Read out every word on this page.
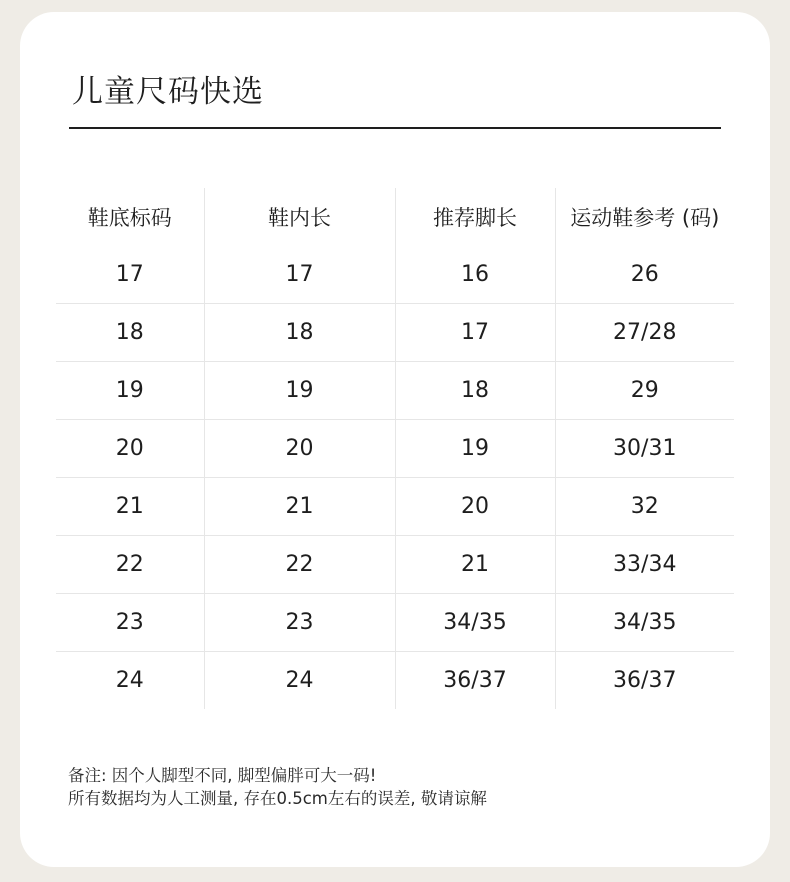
儿童尺码快选
鞋底标码	鞋内长	推荐脚长	运动鞋参考 (码)
17	17	16	26
18	18	17	27/28
19	19	18	29
20	20	19	30/31
21	21	20	32
22	22	21	33/34
23	23	34/35	34/35
24	24	36/37	36/37
备注: 因个人脚型不同, 脚型偏胖可大一码!
所有数据均为人工测量, 存在0.5cm左右的误差, 敬请谅解
